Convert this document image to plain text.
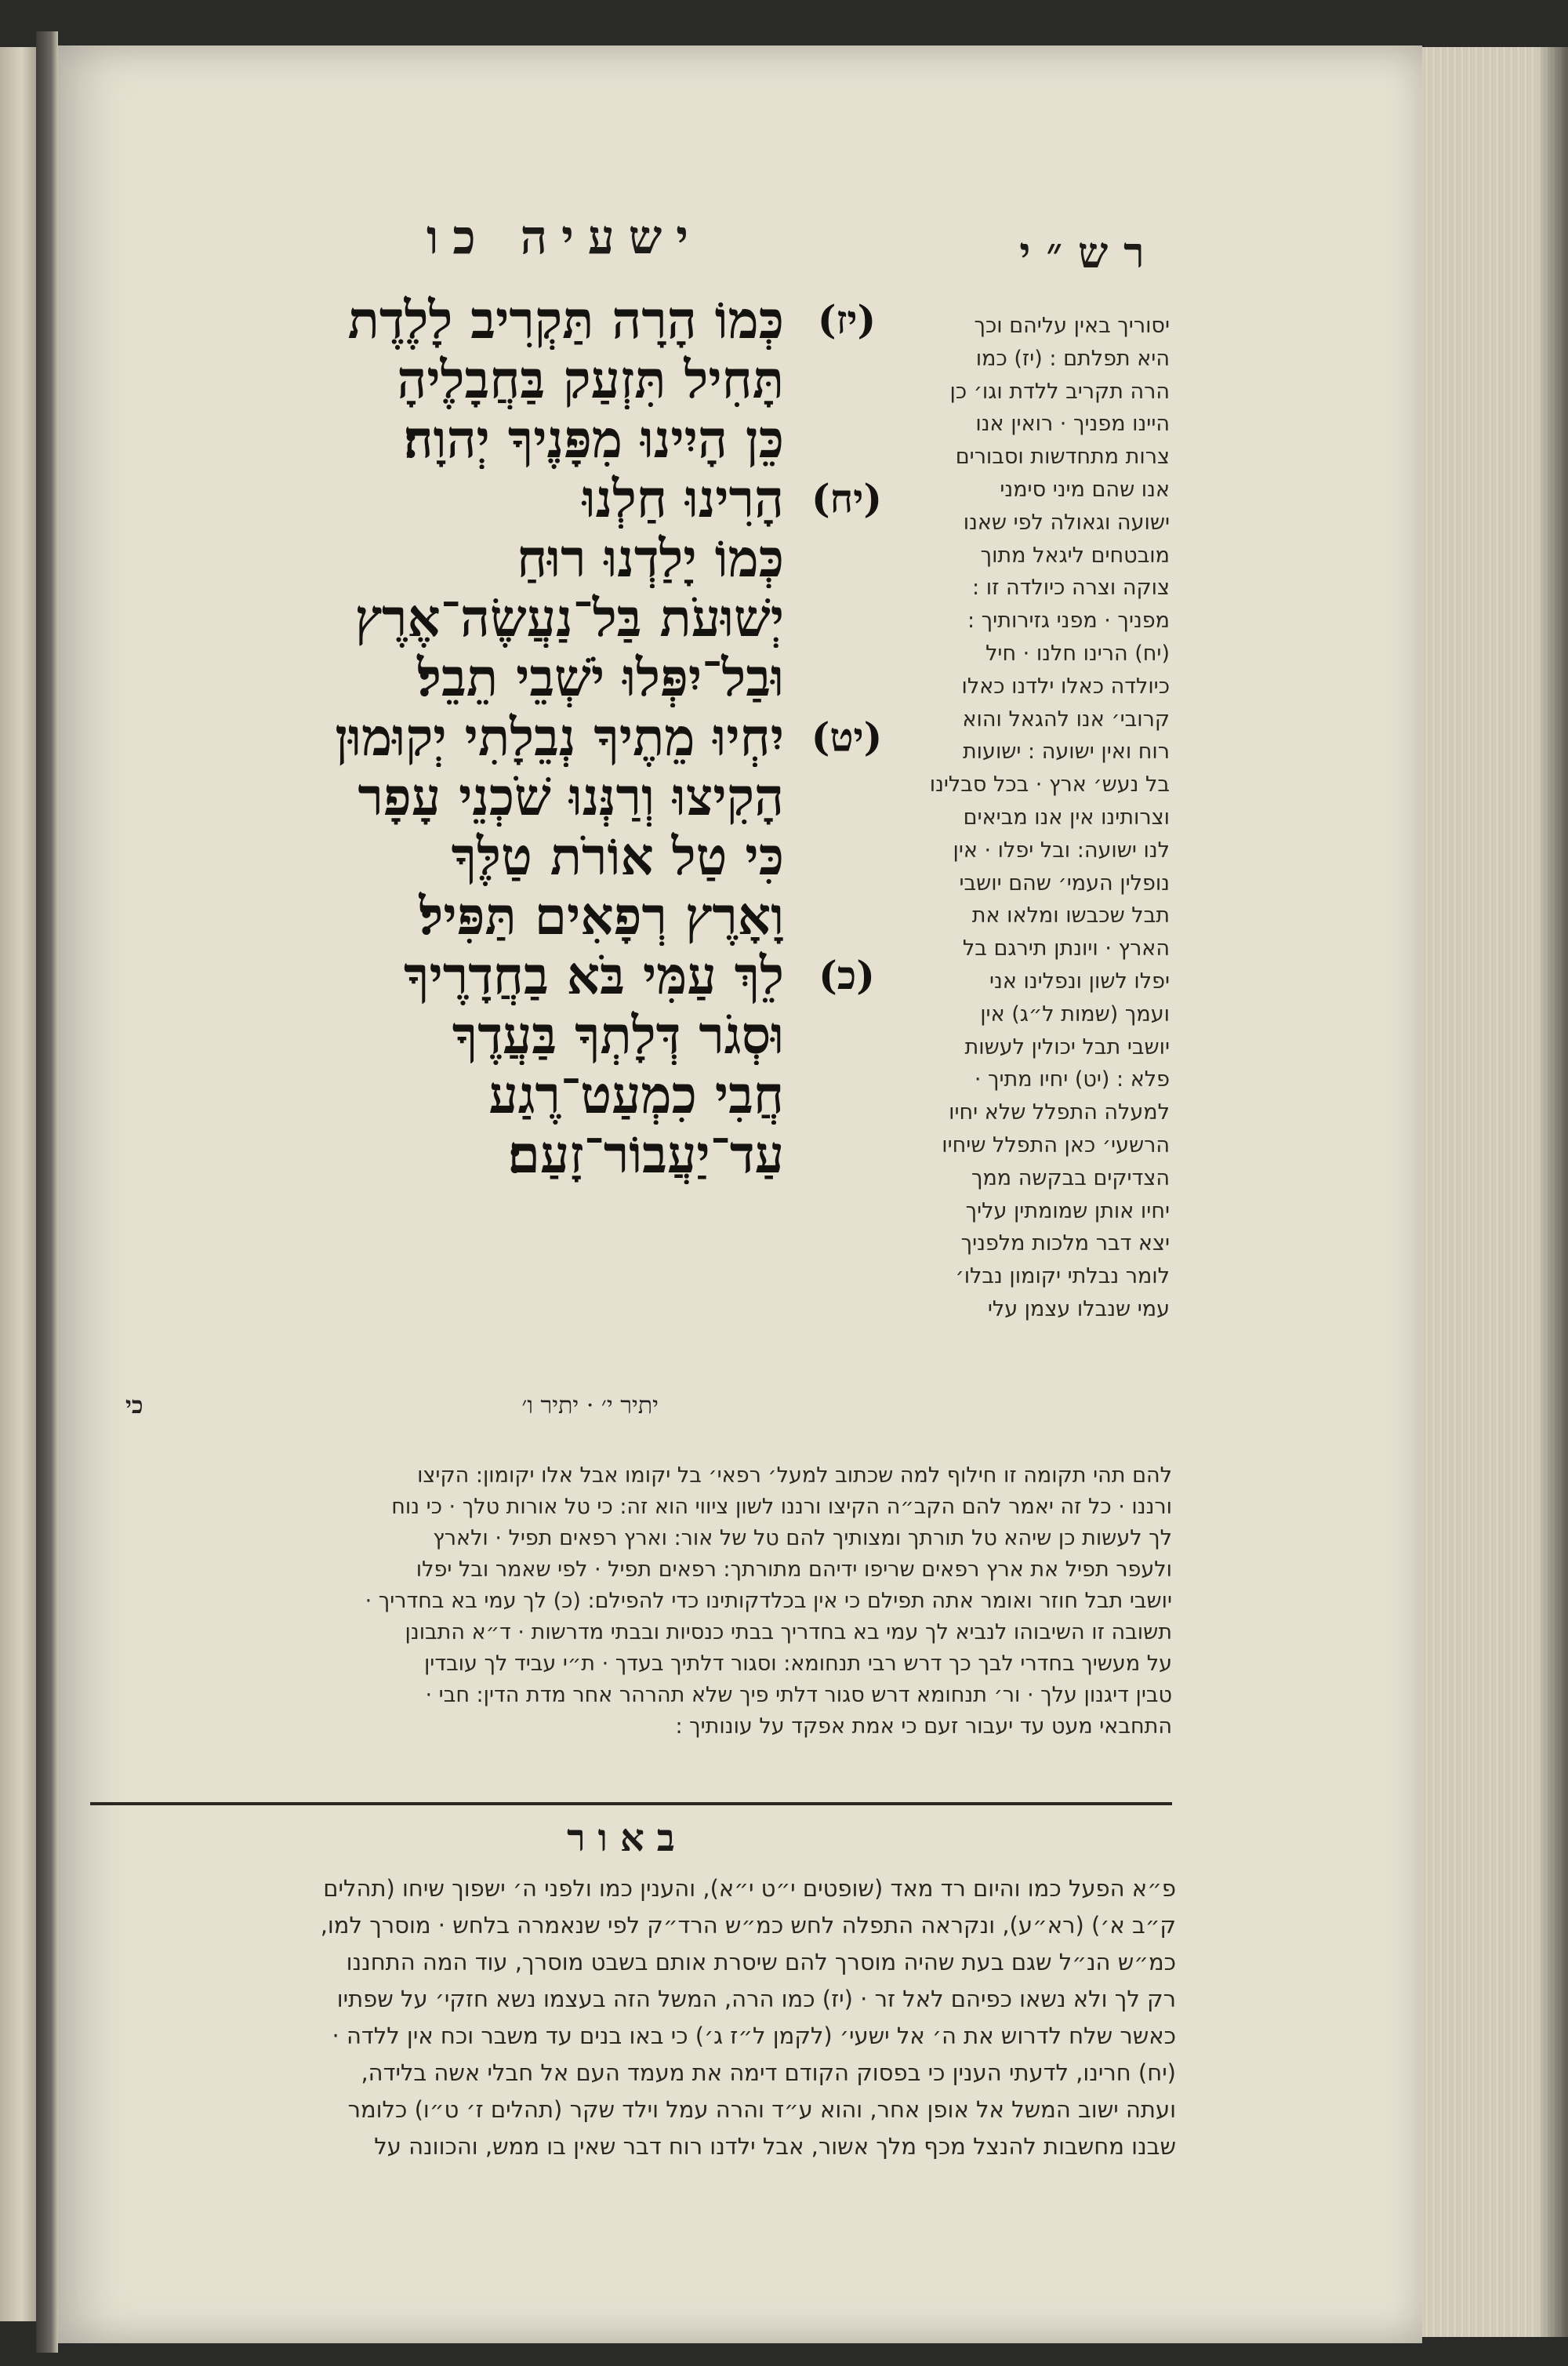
ישעיה כו	רש״י
(יז)
כְּמוֹ הָרָה תַּקְרִיב לָלֶדֶת
תָּחִיל תִּזְעַק בַּחֲבָלֶיהָ
כֵּן הָיִינוּ מִפָּנֶיךָ יְהוָה׃
(יח)
הָרִינוּ חַלְנוּ
כְּמוֹ יָלַדְנוּ רוּחַ
יְשׁוּעֹת בַּל־נַעֲשֶׂה־אֶרֶץ
וּבַל־יִפְּלוּ יֹשְׁבֵי תֵבֵל׃
(יט)
יִחְיוּ מֵתֶיךָ נְבֵלָתִי יְקוּמוּן
הָקִיצוּ וְרַנְּנוּ שֹׁכְנֵי עָפָר
כִּי טַל אוֹרֹת טַלֶּךָ
וָאָרֶץ רְפָאִים תַּפִּיל׃
(כ)
לֵךְ עַמִּי בֹּא בַחֲדָרֶיךָ
וּסְגֹר דְּלָתְךָ בַּעֲדֶךָ
חֲבִי כִמְעַט־רֶגַע
עַד־יַעֲבוֹר־זָעַם׃
יתיר י׳ · יתיר ו׳
כי
יסוריך באין עליהם וכך
היא תפלתם : (יז) כמו
הרה תקריב ללדת וגו׳ כן
היינו מפניך · רואין אנו
צרות מתחדשות וסבורים
אנו שהם מיני סימני
ישועה וגאולה לפי שאנו
מובטחים ליגאל מתוך
צוקה וצרה כיולדה זו :
מפניך · מפני גזירותיך :
(יח) הרינו חלנו · חיל
כיולדה כאלו ילדנו כאלו
קרובי׳ אנו להגאל והוא
רוח ואין ישועה : ישועות
בל נעש׳ ארץ · בכל סבלינו
וצרותינו אין אנו מביאים
לנו ישועה: ובל יפלו · אין
נופלין העמי׳ שהם יושבי
תבל שכבשו ומלאו את
הארץ · ויונתן תירגם בל
יפלו לשון ונפלינו אני
ועמך (שמות ל״ג) אין
יושבי תבל יכולין לעשות
פלא : (יט) יחיו מתיך ·
למעלה התפלל שלא יחיו
הרשעי׳ כאן התפלל שיחיו
הצדיקים בבקשה ממך
יחיו אותן שמומתין עליך
יצא דבר מלכות מלפניך
לומר נבלתי יקומון נבלו׳
עמי שנבלו עצמן עלי
להם תהי תקומה זו חילוף למה שכתוב למעל׳ רפאי׳ בל יקומו אבל אלו יקומון: הקיצו
ורננו · כל זה יאמר להם הקב״ה הקיצו ורננו לשון ציווי הוא זה: כי טל אורות טלך · כי נוח
לך לעשות כן שיהא טל תורתך ומצותיך להם טל של אור: וארץ רפאים תפיל · ולארץ
ולעפר תפיל את ארץ רפאים שריפו ידיהם מתורתך: רפאים תפיל · לפי שאמר ובל יפלו
יושבי תבל חוזר ואומר אתה תפילם כי אין בכלדקותינו כדי להפילם: (כ) לך עמי בא בחדריך ·
תשובה זו השיבוהו לנביא לך עמי בא בחדריך בבתי כנסיות ובבתי מדרשות · ד״א התבונן
על מעשיך בחדרי לבך כך דרש רבי תנחומא: וסגור דלתיך בעדך · ת״י עביד לך עובדין
טבין דיגנון עלך · ור׳ תנחומא דרש סגור דלתי פיך שלא תהרהר אחר מדת הדין: חבי ·
התחבאי מעט עד יעבור זעם כי אמת אפקד על עונותיך :
באור
פ״א הפעל כמו והיום רד מאד (שופטים י״ט י״א), והענין כמו ולפני ה׳ ישפוך שיחו (תהלים
ק״ב א׳) (רא״ע), ונקראה התפלה לחש כמ״ש הרד״ק לפי שנאמרה בלחש · מוסרך למו,
כמ״ש הנ״ל שגם בעת שהיה מוסרך להם שיסרת אותם בשבט מוסרך, עוד המה התחננו
רק לך ולא נשאו כפיהם לאל זר · (יז) כמו הרה, המשל הזה בעצמו נשא חזקי׳ על שפתיו
כאשר שלח לדרוש את ה׳ אל ישעי׳ (לקמן ל״ז ג׳) כי באו בנים עד משבר וכח אין ללדה ·
(יח) חרינו, לדעתי הענין כי בפסוק הקודם דימה את מעמד העם אל חבלי אשה בלידה,
ועתה ישוב המשל אל אופן אחר, והוא ע״ד והרה עמל וילד שקר (תהלים ז׳ ט״ו) כלומר
שבנו מחשבות להנצל מכף מלך אשור, אבל ילדנו רוח דבר שאין בו ממש, והכוונה על
